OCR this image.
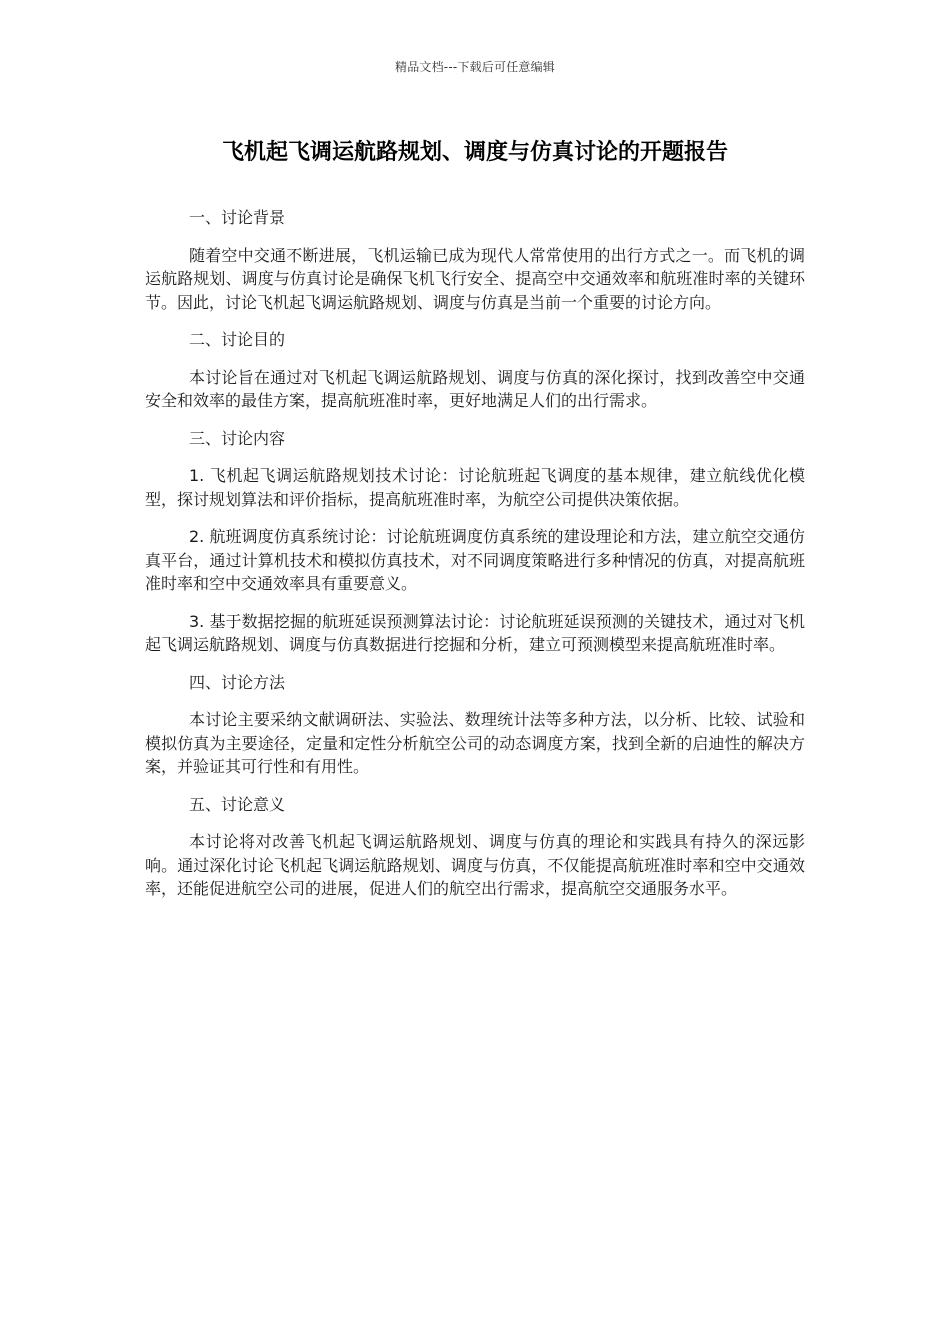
精品文档---下载后可任意编辑
飞机起飞调运航路规划、调度与仿真讨论的开题报告

一、讨论背景

随着空中交通不断进展，飞机运输已成为现代人常常使用的出行方式之一。而飞机的调运航路规划、调度与仿真讨论是确保飞机飞行安全、提高空中交通效率和航班准时率的关键环节。因此，讨论飞机起飞调运航路规划、调度与仿真是当前一个重要的讨论方向。

二、讨论目的

本讨论旨在通过对飞机起飞调运航路规划、调度与仿真的深化探讨，找到改善空中交通安全和效率的最佳方案，提高航班准时率，更好地满足人们的出行需求。

三、讨论内容

1. 飞机起飞调运航路规划技术讨论：讨论航班起飞调度的基本规律，建立航线优化模型，探讨规划算法和评价指标，提高航班准时率，为航空公司提供决策依据。

2. 航班调度仿真系统讨论：讨论航班调度仿真系统的建设理论和方法，建立航空交通仿真平台，通过计算机技术和模拟仿真技术，对不同调度策略进行多种情况的仿真，对提高航班准时率和空中交通效率具有重要意义。

3. 基于数据挖掘的航班延误预测算法讨论：讨论航班延误预测的关键技术，通过对飞机起飞调运航路规划、调度与仿真数据进行挖掘和分析，建立可预测模型来提高航班准时率。

四、讨论方法

本讨论主要采纳文献调研法、实验法、数理统计法等多种方法，以分析、比较、试验和模拟仿真为主要途径，定量和定性分析航空公司的动态调度方案，找到全新的启迪性的解决方案，并验证其可行性和有用性。

五、讨论意义

本讨论将对改善飞机起飞调运航路规划、调度与仿真的理论和实践具有持久的深远影响。通过深化讨论飞机起飞调运航路规划、调度与仿真，不仅能提高航班准时率和空中交通效率，还能促进航空公司的进展，促进人们的航空出行需求，提高航空交通服务水平。
